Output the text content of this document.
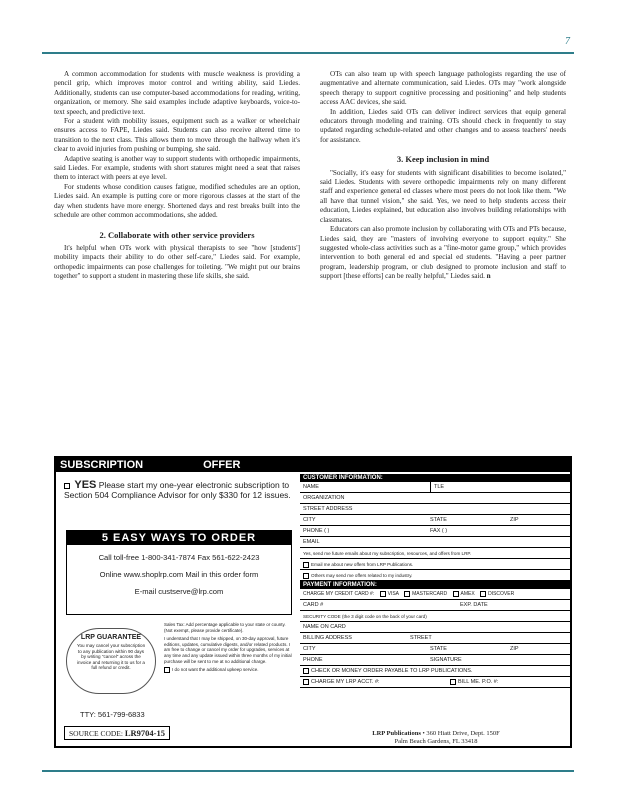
7

A common accommodation for students with muscle weakness is providing a pencil grip, which improves motor control and writing ability, said Liedes. Additionally, students can use computer-based accommodations for reading, writing, organization, or memory. She said examples include adaptive keyboards, voice-to-text speech, and predictive text.

For a student with mobility issues, equipment such as a walker or wheelchair ensures access to FAPE, Liedes said. Students can also receive altered time to transition to the next class. This allows them to move through the hallway when it's clear to avoid injuries from pushing or bumping, she said.

Adaptive seating is another way to support students with orthopedic impairments, said Liedes. For example, students with short statures might need a seat that raises them to interact with peers at eye level.

For students whose condition causes fatigue, modified schedules are an option, Liedes said. An example is putting core or more rigorous classes at the start of the day when students have more energy. Shortened days and rest breaks built into the schedule are other common accommodations, she added.

2. Collaborate with other service providers

It's helpful when OTs work with physical therapists to see "how [students'] mobility impacts their ability to do other self-care," Liedes said. For example, orthopedic impairments can pose challenges for toileting. "We might put our brains together" to support a student in mastering these life skills, she said.

OTs can also team up with speech language pathologists regarding the use of augmentative and alternate communication, said Liedes. OTs may "work alongside speech therapy to support cognitive processing and positioning" and help students access AAC devices, she said.

In addition, Liedes said OTs can deliver indirect services that equip general educators through modeling and training. OTs should check in frequently to stay updated regarding schedule-related and other changes and to assess teachers' needs for assistance.

3. Keep inclusion in mind

"Socially, it's easy for students with significant disabilities to become isolated," said Liedes. Students with severe orthopedic impairments rely on many different staff and experience general ed classes where most peers do not look like them. "We all have that tunnel vision," she said. Yes, we need to help students access their education, Liedes explained, but education also involves building relationships with classmates.

Educators can also promote inclusion by collaborating with OTs and PTs because, Liedes said, they are "masters of involving everyone to support equity." She suggested whole-class activities such as a "fine-motor game group," which provides intervention to both general ed and special ed students. "Having a peer partner program, leadership program, or club designed to promote inclusion and staff to support [these efforts] can be really helpful," Liedes said. n

SUBSCRIPTION	OFFER
YES Please start my one-year electronic subscription to Section 504 Compliance Advisor for only $330 for 12 issues.
5 EASY WAYS TO ORDER
Call toll-free 1-800-341-7874 Fax 561-622-2423
Online www.shoplrp.com Mail in this order form
E-mail custserve@lrp.com
LRP GUARANTEE
You may cancel your subscription to any publication within 90 days by writing "cancel" across the invoice and returning it to us for a full refund or credit.

Sales Tax: Add percentage applicable to your state or county. (Not exempt, please provide certificate).

I understand that I may be shipped, on 30-day approval, future editions, updates, cumulative digests, and/or related products. I am free to change or cancel my order for upgrades, services at any time and any update issued within three months of my initial purchase will be sent to me at no additional charge.

I do not want the additional upkeep service.

TTY: 561-799-6833
SOURCE CODE: LR9704-15
CUSTOMER INFORMATION:
NAME	TLE
ORGANIZATION
STREET ADDRESS
CITY	STATE	ZIP
PHONE ( )	FAX ( )
EMAIL
Yes, send me future emails about my subscription, resources, and offers from LRP.
Email me about new offers from LRP Publications.
Others may send me offers related to my industry.
PAYMENT INFORMATION:
CHARGE MY CREDIT CARD #:	VISA	MASTERCARD	AMEX	DISCOVER
CARD #	EXP. DATE
SECURITY CODE (the 3 digit code on the back of your card)
NAME ON CARD
BILLING ADDRESS	STREET
CITY	STATE	ZIP
PHONE	SIGNATURE
CHECK OR MONEY ORDER PAYABLE TO LRP PUBLICATIONS.
CHARGE MY LRP ACCT. #:	BILL ME. P.O. #:
LRP Publications • 360 Hiatt Drive, Dept. 150F
Palm Beach Gardens, FL 33418
